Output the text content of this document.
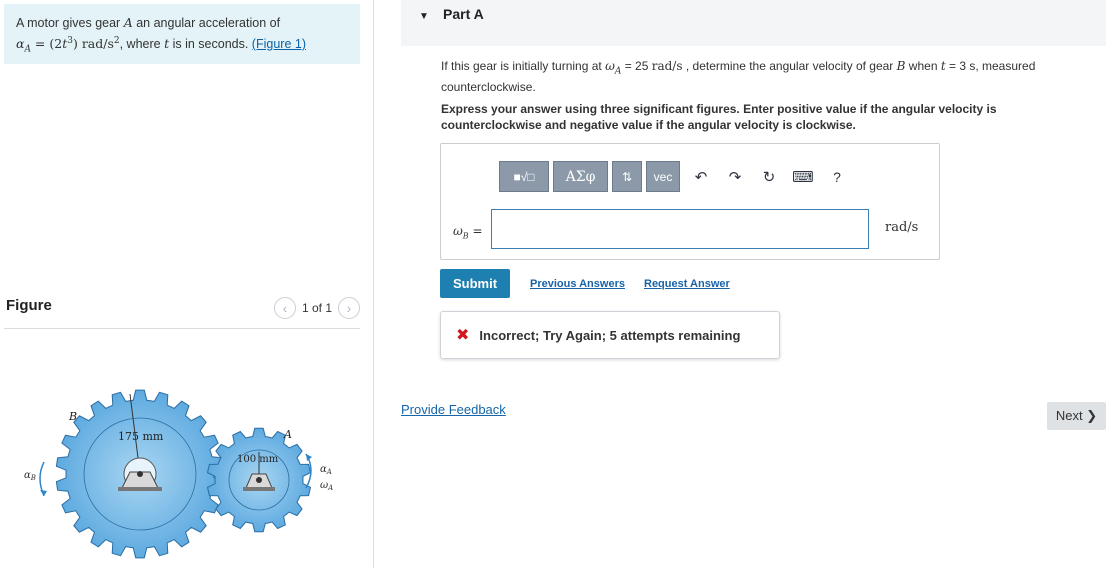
A motor gives gear A an angular acceleration of
$\alpha_A = (2t^3)$ rad/$s^2$, where t is in seconds. (Figure 1)
Figure	‹	1 of 1	›
B
A
175 mm
100 mm
$\alpha_B$
$\alpha_A$
$\omega_A$
▼ Part A
If this gear is initially turning at $\omega_A = 25$ rad/s , determine the angular velocity of gear B when t = 3 s, measured counterclockwise.
Express your answer using three significant figures. Enter positive value if the angular velocity is counterclockwise and negative value if the angular velocity is clockwise.
■√□	ΑΣφ	⇅	vec	↶	↷	↻	⌨	?
$\omega_B$ =	rad/s
Submit	Previous Answers Request Answer
✖ Incorrect; Try Again; 5 attempts remaining
Provide Feedback	Next ❯
